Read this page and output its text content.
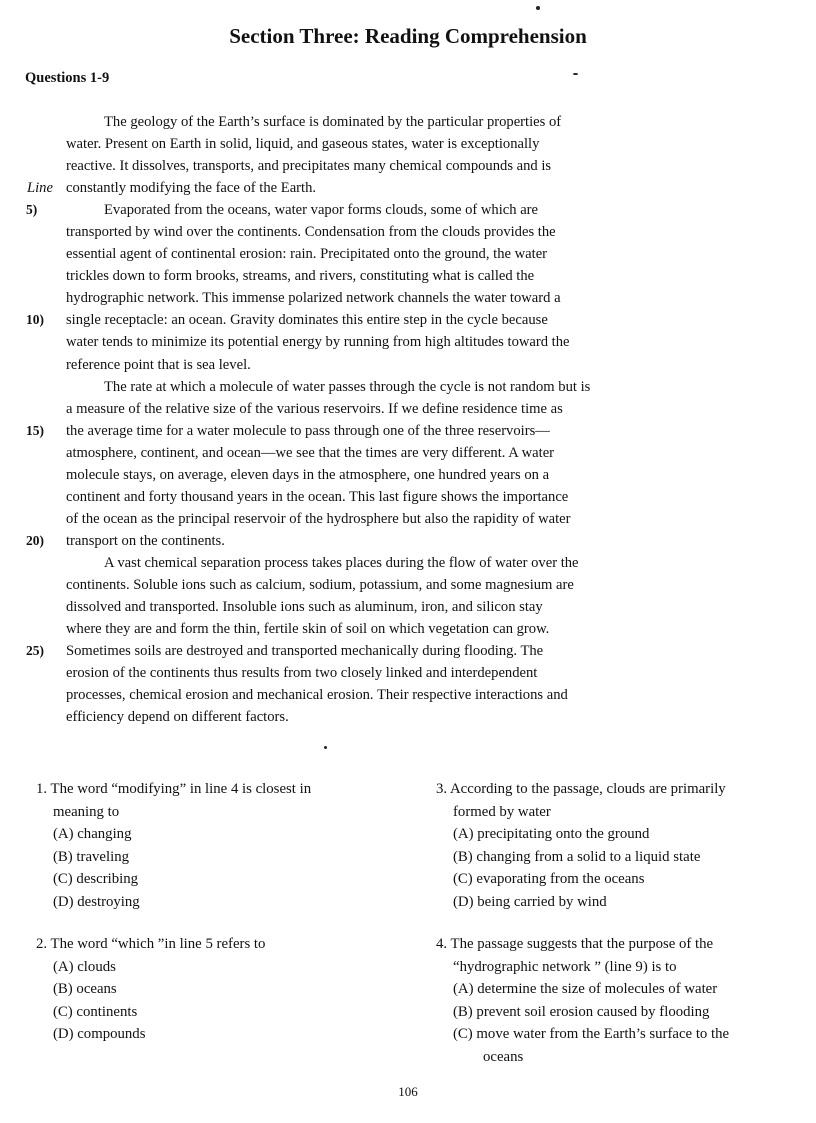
Section Three: Reading Comprehension
Questions 1-9
The geology of the Earth’s surface is dominated by the particular properties of
water. Present on Earth in solid, liquid, and gaseous states, water is exceptionally
reactive. It dissolves, transports, and precipitates many chemical compounds and is
Line constantly modifying the face of the Earth.
5)	Evaporated from the oceans, water vapor forms clouds, some of which are
transported by wind over the continents. Condensation from the clouds provides the
essential agent of continental erosion: rain. Precipitated onto the ground, the water
trickles down to form brooks, streams, and rivers, constituting what is called the
hydrographic network. This immense polarized network channels the water toward a
10) single receptacle: an ocean. Gravity dominates this entire step in the cycle because
water tends to minimize its potential energy by running from high altitudes toward the
reference point that is sea level.
The rate at which a molecule of water passes through the cycle is not random but is
a measure of the relative size of the various reservoirs. If we define residence time as
15) the average time for a water molecule to pass through one of the three reservoirs—
atmosphere, continent, and ocean—we see that the times are very different. A water
molecule stays, on average, eleven days in the atmosphere, one hundred years on a
continent and forty thousand years in the ocean. This last figure shows the importance
of the ocean as the principal reservoir of the hydrosphere but also the rapidity of water
20) transport on the continents.
A vast chemical separation process takes places during the flow of water over the
continents. Soluble ions such as calcium, sodium, potassium, and some magnesium are
dissolved and transported. Insoluble ions such as aluminum, iron, and silicon stay
where they are and form the thin, fertile skin of soil on which vegetation can grow.
25) Sometimes soils are destroyed and transported mechanically during flooding. The
erosion of the continents thus results from two closely linked and interdependent
processes, chemical erosion and mechanical erosion. Their respective interactions and
efficiency depend on different factors.
1. The word “modifying” in line 4 is closest in
meaning to
(A) changing
(B) traveling
(C) describing
(D) destroying
3. According to the passage, clouds are primarily
formed by water
(A) precipitating onto the ground
(B) changing from a solid to a liquid state
(C) evaporating from the oceans
(D) being carried by wind
2. The word “which ”in line 5 refers to
(A) clouds
(B) oceans
(C) continents
(D) compounds
4. The passage suggests that the purpose of the
“hydrographic network ” (line 9) is to
(A) determine the size of molecules of water
(B) prevent soil erosion caused by flooding
(C) move water from the Earth’s surface to the
oceans
106
